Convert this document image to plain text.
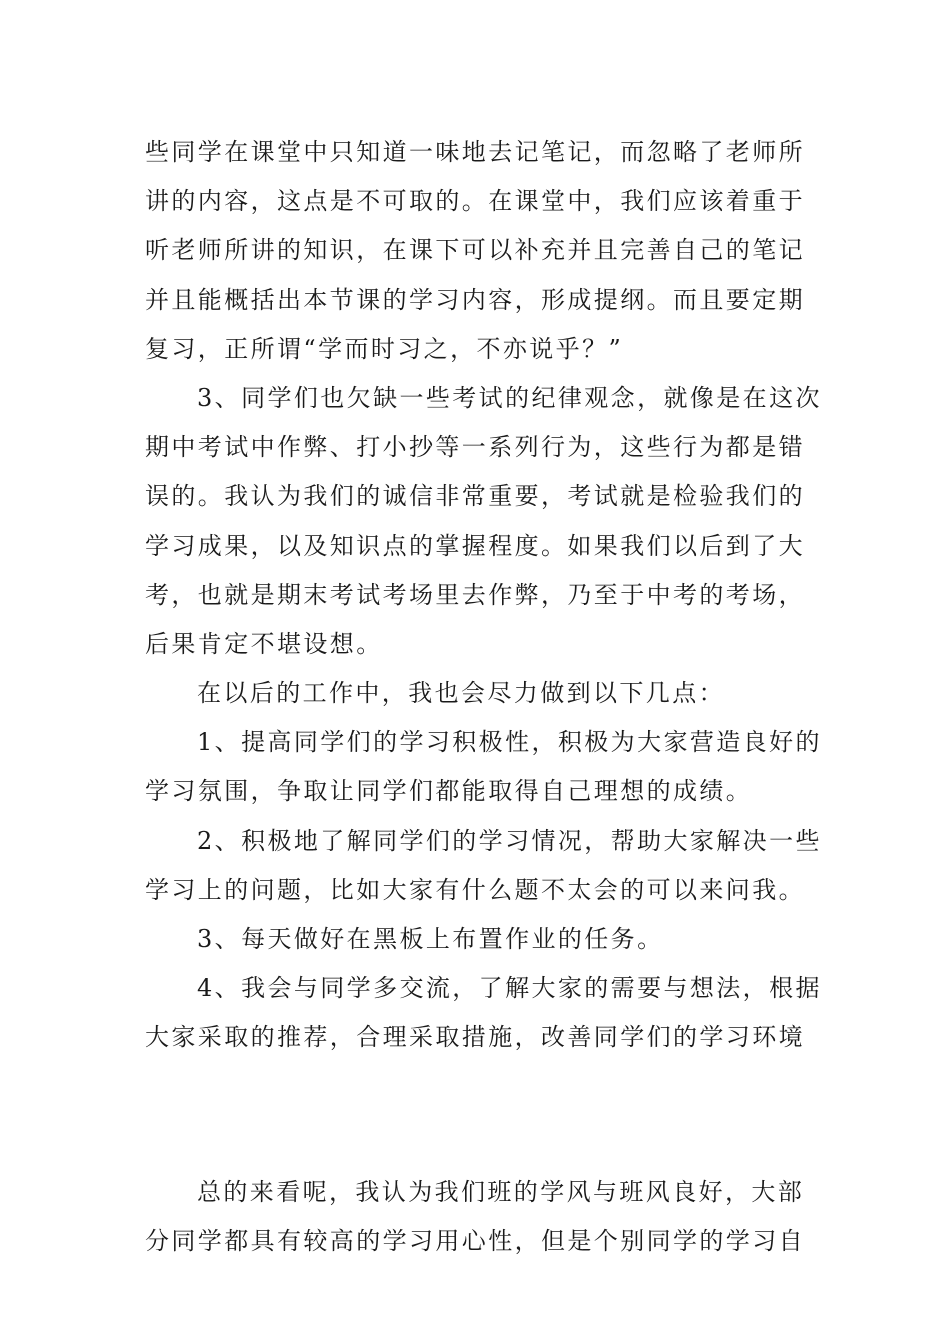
些同学在课堂中只知道一味地去记笔记，而忽略了老师所
讲的内容，这点是不可取的。在课堂中，我们应该着重于
听老师所讲的知识，在课下可以补充并且完善自己的笔记
并且能概括出本节课的学习内容，形成提纲。而且要定期
复习，正所谓“学而时习之，不亦说乎？”
3、同学们也欠缺一些考试的纪律观念，就像是在这次
期中考试中作弊、打小抄等一系列行为，这些行为都是错
误的。我认为我们的诚信非常重要，考试就是检验我们的
学习成果，以及知识点的掌握程度。如果我们以后到了大
考，也就是期末考试考场里去作弊，乃至于中考的考场，
后果肯定不堪设想。
在以后的工作中，我也会尽力做到以下几点：
1、提高同学们的学习积极性，积极为大家营造良好的
学习氛围，争取让同学们都能取得自己理想的成绩。
2、积极地了解同学们的学习情况，帮助大家解决一些
学习上的问题，比如大家有什么题不太会的可以来问我。
3、每天做好在黑板上布置作业的任务。
4、我会与同学多交流，了解大家的需要与想法，根据
大家采取的推荐，合理采取措施，改善同学们的学习环境
总的来看呢，我认为我们班的学风与班风良好，大部
分同学都具有较高的学习用心性，但是个别同学的学习自
